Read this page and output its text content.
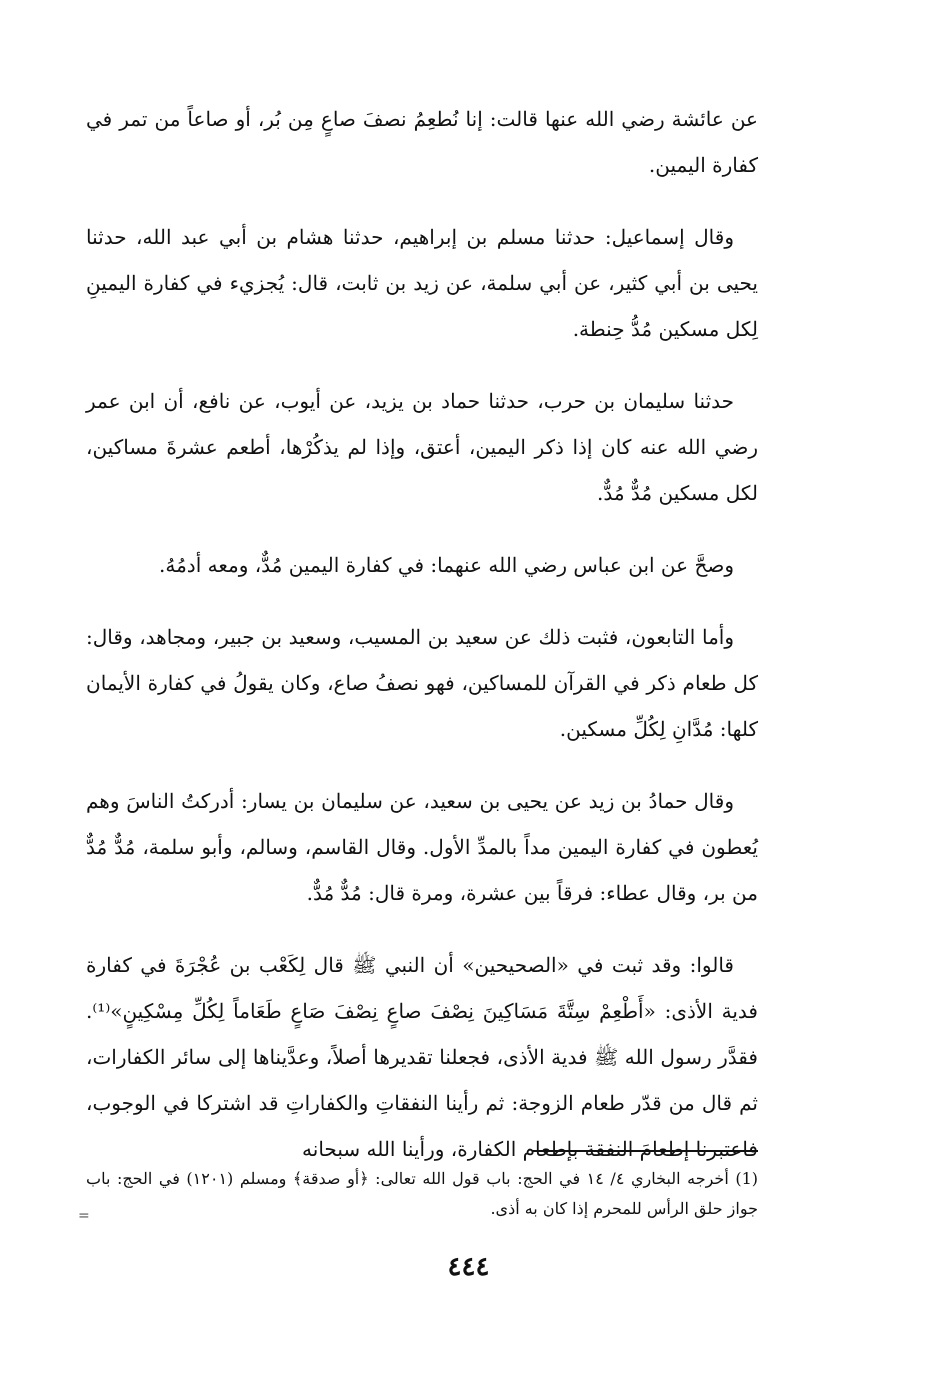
عن عائشة رضي الله عنها قالت: إنا نُطعِمُ نصفَ صاعٍ مِن بُر، أو صاعاً من تمر في كفارة اليمين.

وقال إسماعيل: حدثنا مسلم بن إبراهيم، حدثنا هشام بن أبي عبد الله، حدثنا يحيى بن أبي كثير، عن أبي سلمة، عن زيد بن ثابت، قال: يُجزيء في كفارة اليمينِ لِكل مسكين مُدُّ حِنطة.

حدثنا سليمان بن حرب، حدثنا حماد بن يزيد، عن أيوب، عن نافع، أن ابن عمر رضي الله عنه كان إذا ذكر اليمين، أعتق، وإذا لم يذكُرْها، أطعم عشرةَ مساكين، لكل مسكين مُدٌّ مُدٌّ.

وصحَّ عن ابن عباس رضي الله عنهما: في كفارة اليمين مُدٌّ، ومعه أدمُهُ.

وأما التابعون، فثبت ذلك عن سعيد بن المسيب، وسعيد بن جبير، ومجاهد، وقال: كل طعام ذكر في القرآن للمساكين، فهو نصفُ صاع، وكان يقولُ في كفارة الأيمان كلها: مُدَّانِ لِكُلِّ مسكين.

وقال حمادُ بن زيد عن يحيى بن سعيد، عن سليمان بن يسار: أدركتُ الناسَ وهم يُعطون في كفارة اليمين مداً بالمدِّ الأول. وقال القاسم، وسالم، وأبو سلمة، مُدٌّ مُدٌّ من بر، وقال عطاء: فرقاً بين عشرة، ومرة قال: مُدٌّ مُدٌّ.

قالوا: وقد ثبت في «الصحيحين» أن النبي ﷺ قال لِكَعْب بن عُجْرَةَ في كفارة فدية الأذى: «أَطْعِمْ سِتَّةَ مَسَاكِينَ نِصْفَ صاعٍ نِصْفَ صَاعٍ طَعَاماً لِكُلِّ مِسْكِينٍ»⁽¹⁾. فقدَّر رسول الله ﷺ فدية الأذى، فجعلنا تقديرها أصلاً، وعدَّيناها إلى سائر الكفارات، ثم قال من قدّر طعام الزوجة: ثم رأينا النفقاتِ والكفاراتِ قد اشتركا في الوجوب، فاعتبرنا إطعامَ النفقة بإطعام الكفارة، ورأينا الله سبحانه

(1) أخرجه البخاري ٤/ ١٤ في الحج: باب قول الله تعالى: ﴿أو صدقة﴾ ومسلم (١٢٠١) في الحج: باب جواز حلق الرأس للمحرم إذا كان به أذى.

=
٤٤٤
